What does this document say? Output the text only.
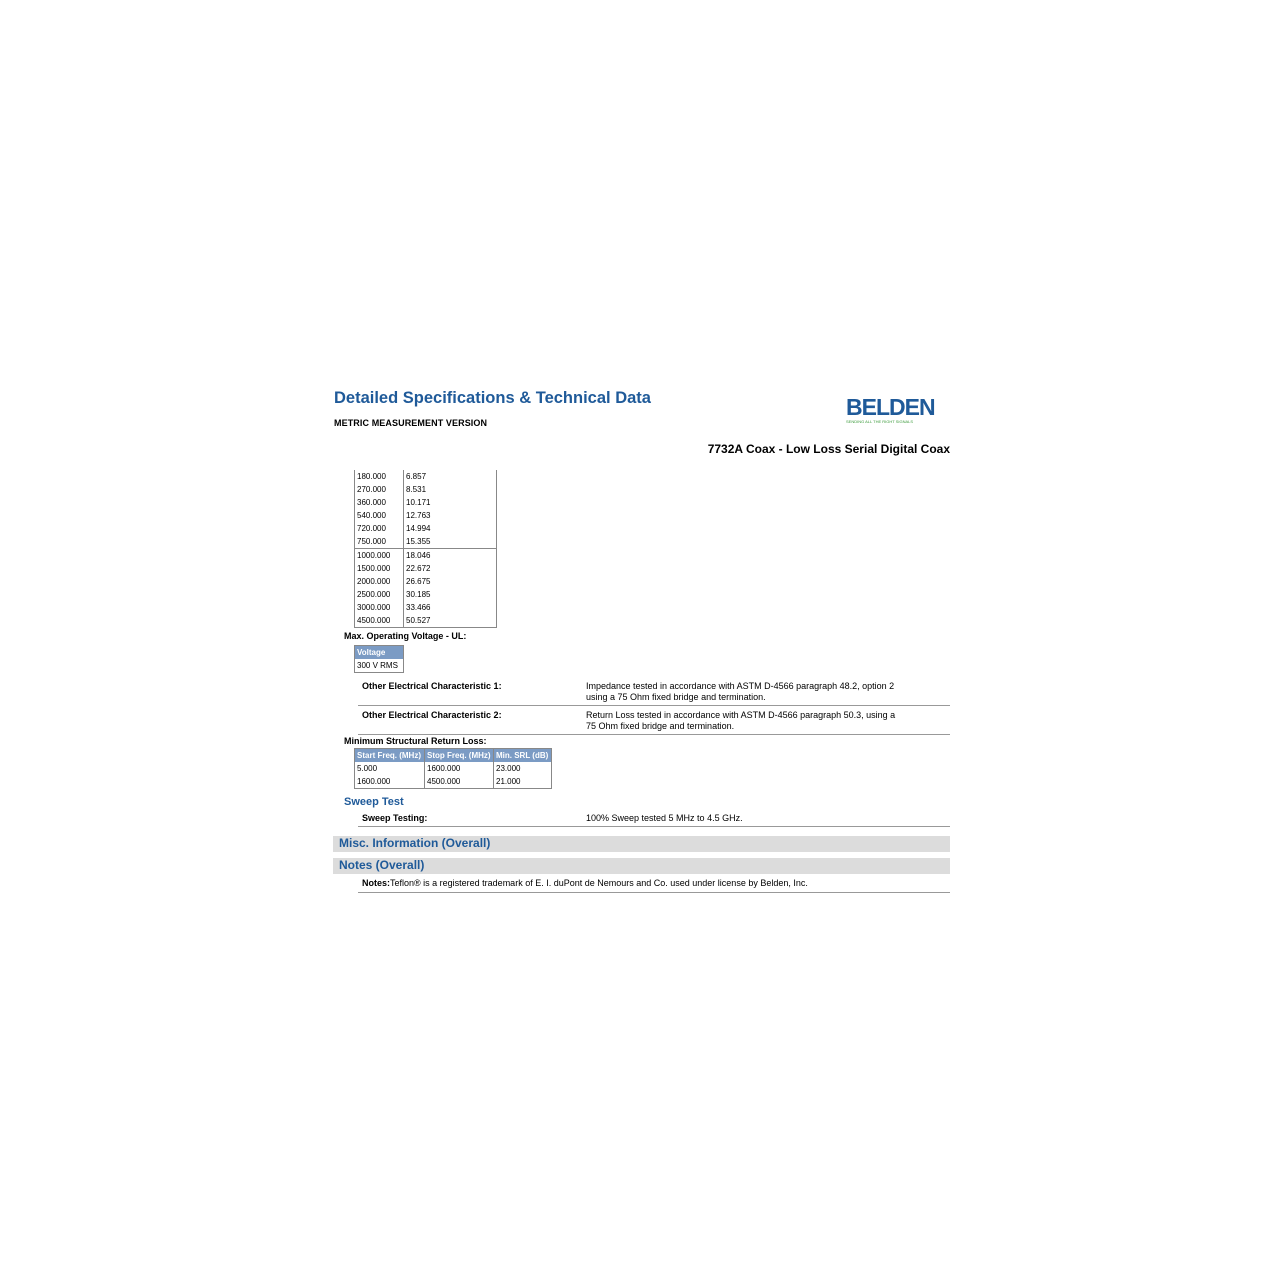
Detailed Specifications & Technical Data
METRIC MEASUREMENT VERSION
BELDEN
SENDING ALL THE RIGHT SIGNALS
7732A Coax - Low Loss Serial Digital Coax
180.000	6.857
270.000	8.531
360.000	10.171
540.000	12.763
720.000	14.994
750.000	15.355
1000.000	18.046
1500.000	22.672
2000.000	26.675
2500.000	30.185
3000.000	33.466
4500.000	50.527
Max. Operating Voltage - UL:
Voltage
300 V RMS
Other Electrical Characteristic 1:	Impedance tested in accordance with ASTM D-4566 paragraph 48.2, option 2
using a 75 Ohm fixed bridge and termination.
Other Electrical Characteristic 2:	Return Loss tested in accordance with ASTM D-4566 paragraph 50.3, using a
75 Ohm fixed bridge and termination.
Minimum Structural Return Loss:
Start Freq. (MHz)	Stop Freq. (MHz)	Min. SRL (dB)
5.000	1600.000	23.000
1600.000	4500.000	21.000
Sweep Test
Sweep Testing:	100% Sweep tested 5 MHz to 4.5 GHz.
Misc. Information (Overall)
Notes (Overall)
Notes: Teflon® is a registered trademark of E. I. duPont de Nemours and Co. used under license by Belden, Inc.
